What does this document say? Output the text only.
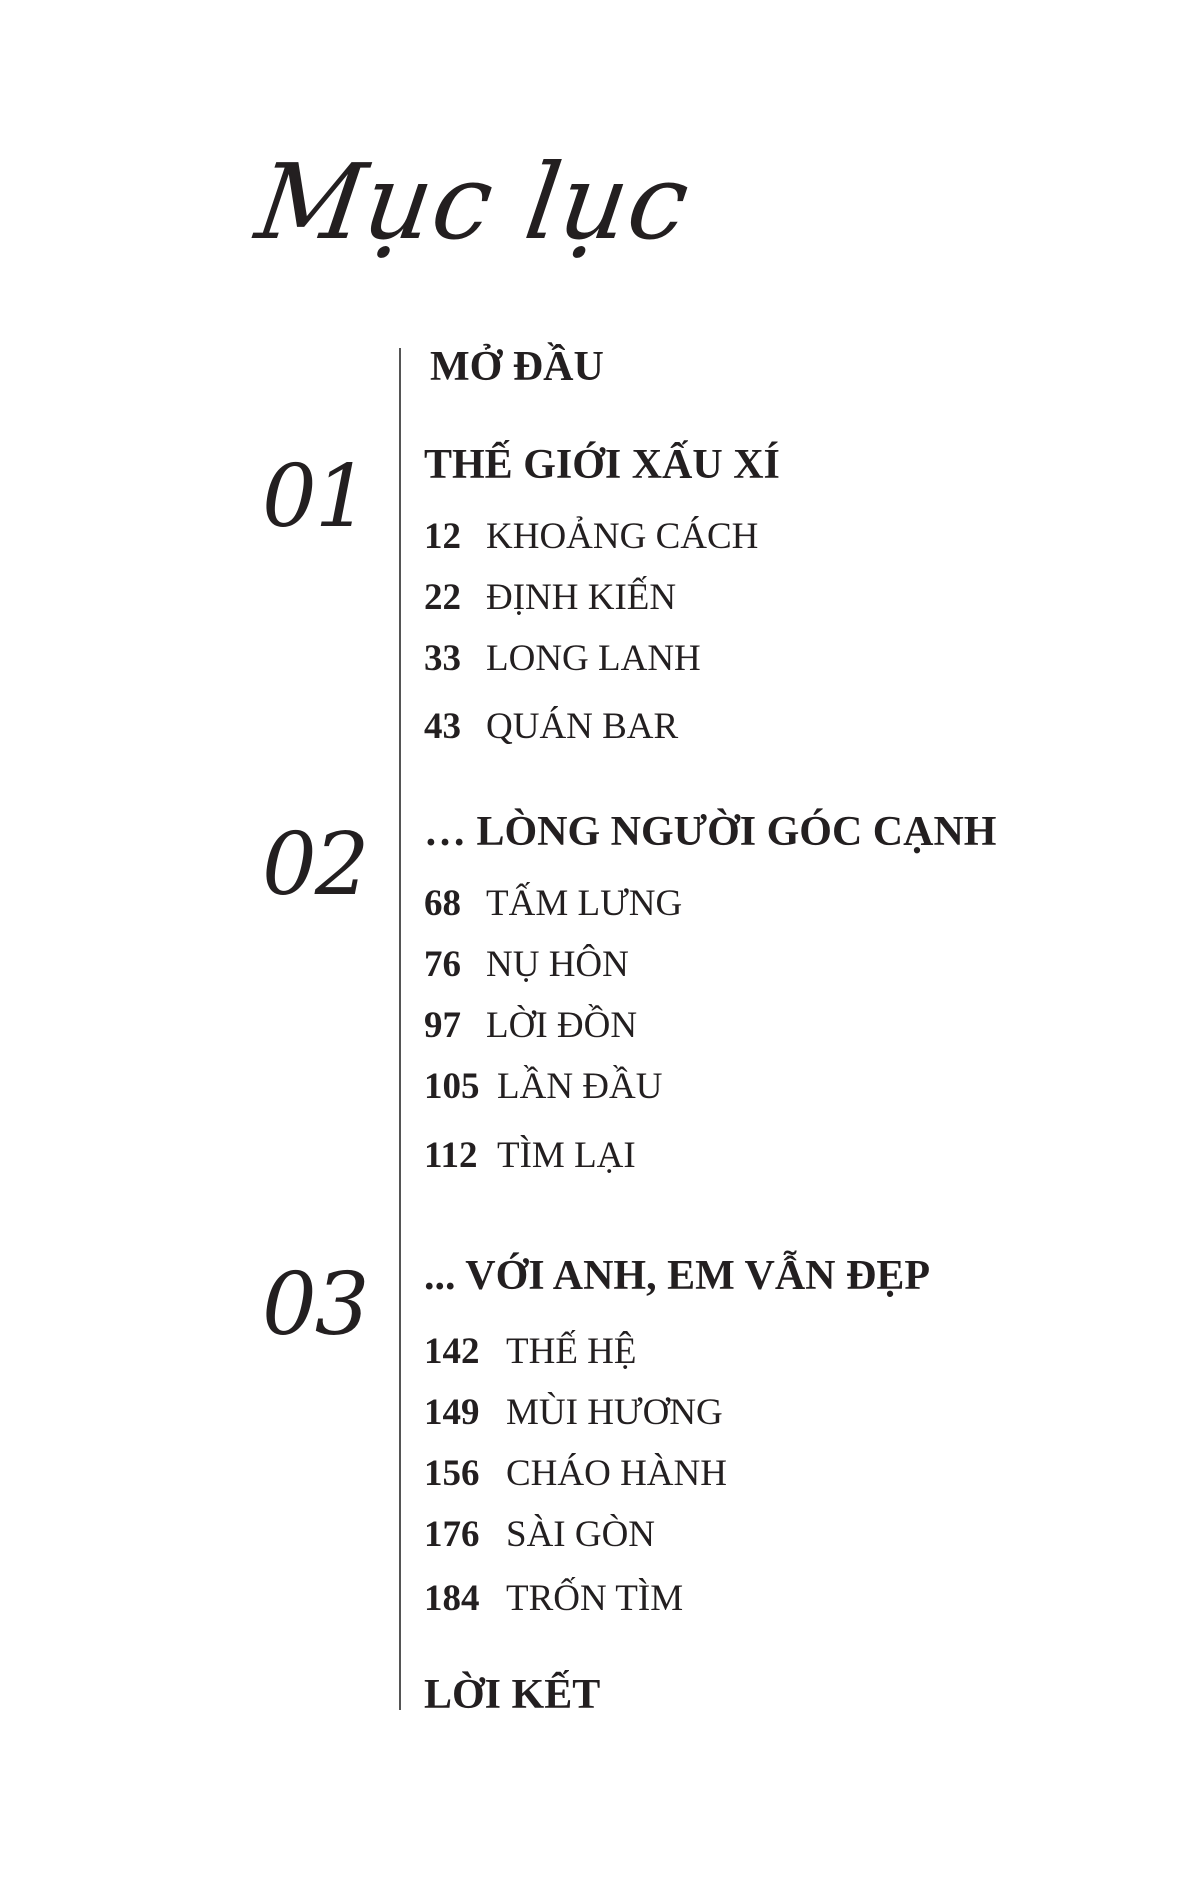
Mục lục
MỞ ĐẦU
01 THẾ GIỚI XẤU XÍ
12 KHOẢNG CÁCH
22 ĐỊNH KIẾN
33 LONG LANH
43 QUÁN BAR
02 … LÒNG NGƯỜI GÓC CẠNH
68 TẤM LƯNG
76 NỤ HÔN
97 LỜI ĐỒN
105 LẦN ĐẦU
112 TÌM LẠI
03 ... VỚI ANH, EM VẪN ĐẸP
142 THẾ HỆ
149 MÙI HƯƠNG
156 CHÁO HÀNH
176 SÀI GÒN
184 TRỐN TÌM
LỜI KẾT
